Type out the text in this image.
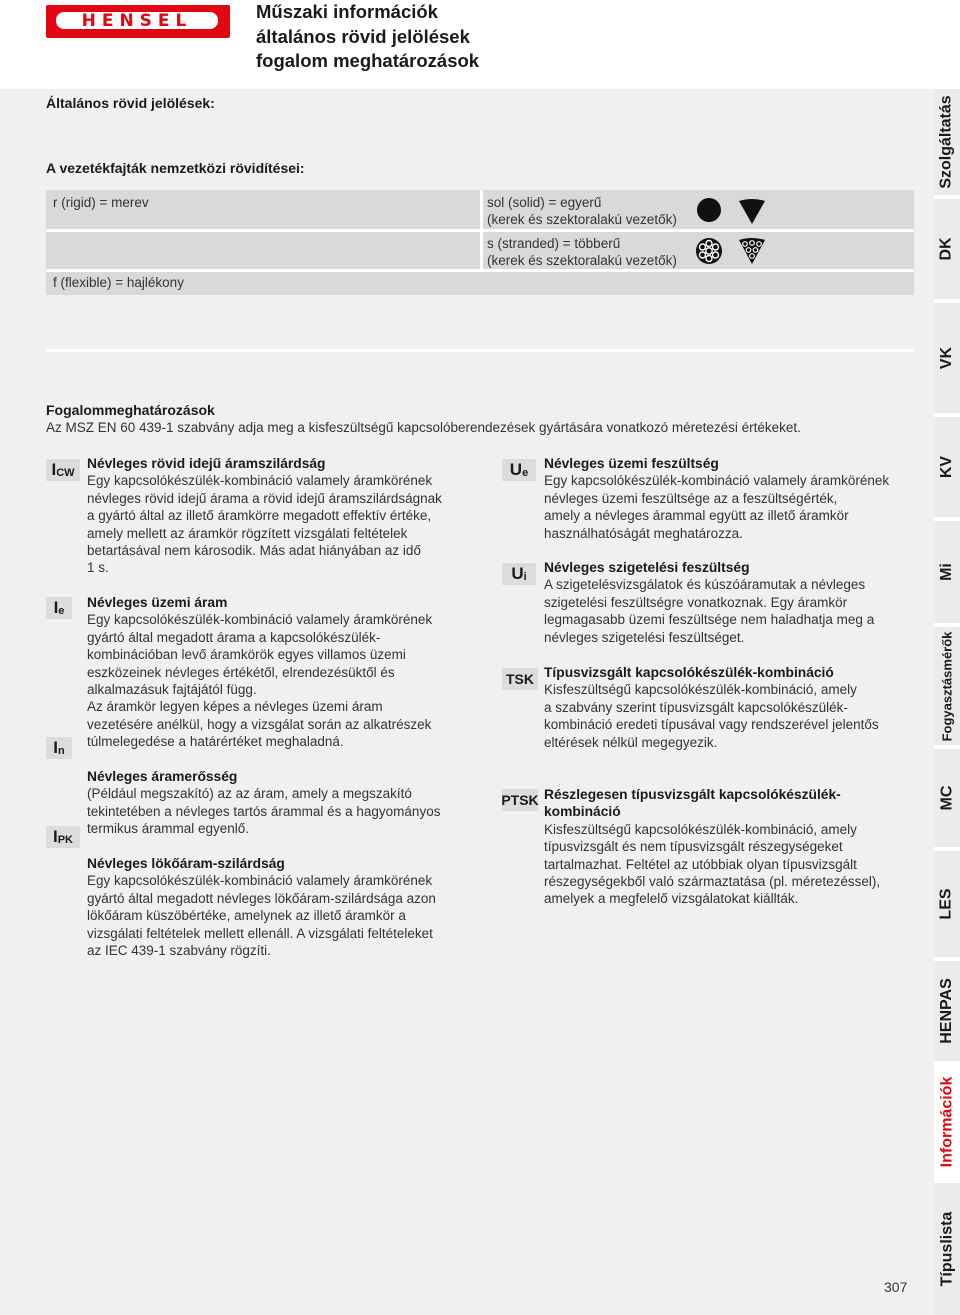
HENSEL	Műszaki információk
általános rövid jelölések
fogalom meghatározások
Szolgáltatás
DK
VK
KV
Mi
Fogyasztásmérők
MC
LES
HENPAS
Információk
Típuslista
Általános rövid jelölések:
A vezetékfajták nemzetközi rövidítései:
r (rigid) = merev
f (flexible) = hajlékony
sol (solid) = egyerű
(kerek és szektoralakú vezetők)
s (stranded) = többerű
(kerek és szektoralakú vezetők)
Fogalommeghatározások
Az MSZ EN 60 439-1 szabvány adja meg a kisfeszültségű kapcsolóberendezések gyártására vonatkozó méretezési értékeket.
$I_{CW}$
$I_e$
$I_n$
$I_{PK}$
Névleges rövid idejű áramszilárdság
Egy kapcsolókészülék-kombináció valamely áramkörének
névleges rövid idejű árama a rövid idejű áramszilárdságnak
a gyártó által az illető áramkörre megadott effektív értéke,
amely mellett az áramkör rögzített vizsgálati feltételek
betartásával nem károsodik. Más adat hiányában az idő
1 s.
Névleges üzemi áram
Egy kapcsolókészülék-kombináció valamely áramkörének
gyártó által megadott árama a kapcsolókészülék-
kombinációban levő áramkörök egyes villamos üzemi
eszközeinek névleges értékétől, elrendezésüktől és
alkalmazásuk fajtájától függ.
Az áramkör legyen képes a névleges üzemi áram
vezetésére anélkül, hogy a vizsgálat során az alkatrészek
túlmelegedése a határértéket meghaladná.
Névleges áramerősség
(Például megszakító) az az áram, amely a megszakító
tekintetében a névleges tartós árammal és a hagyományos
termikus árammal egyenlő.
Névleges lökőáram-szilárdság
Egy kapcsolókészülék-kombináció valamely áramkörének
gyártó által megadott névleges lökőáram-szilárdsága azon
lökőáram küszöbértéke, amelynek az illető áramkör a
vizsgálati feltételek mellett ellenáll. A vizsgálati feltételeket
az IEC 439-1 szabvány rögzíti.
$U_e$
$U_i$
TSK
PTSK
Névleges üzemi feszültség
Egy kapcsolókészülék-kombináció valamely áramkörének
névleges üzemi feszültsége az a feszültségérték,
amely a névleges árammal együtt az illető áramkör
használhatóságát meghatározza.
Névleges szigetelési feszültség
A szigetelésvizsgálatok és kúszóáramutak a névleges
szigetelési feszültségre vonatkoznak. Egy áramkör
legmagasabb üzemi feszültsége nem haladhatja meg a
névleges szigetelési feszültséget.
Típusvizsgált kapcsolókészülék-kombináció
Kisfeszültségű kapcsolókészülék-kombináció, amely
a szabvány szerint típusvizsgált kapcsolókészülék-
kombináció eredeti típusával vagy rendszerével jelentős
eltérések nélkül megegyezik.
Részlegesen típusvizsgált kapcsolókészülék-
kombináció
Kisfeszültségű kapcsolókészülék-kombináció, amely
típusvizsgált és nem típusvizsgált részegységeket
tartalmazhat. Feltétel az utóbbiak olyan típusvizsgált
részegységekből való származtatása (pl. méretezéssel),
amelyek a megfelelő vizsgálatokat kiállták.
307
